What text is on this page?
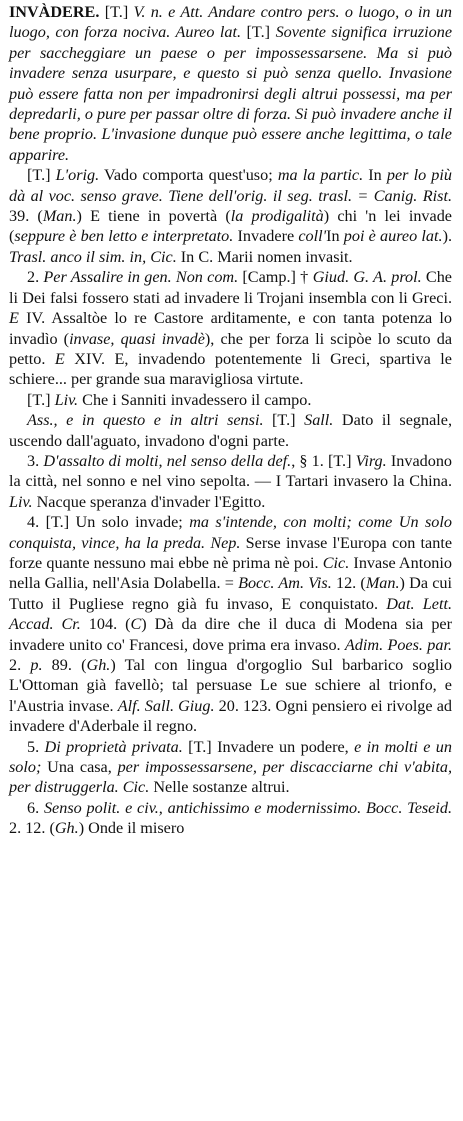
INVÀDERE. [T.] V. n. e Att. Andare contro pers. o luogo, o in un luogo, con forza nociva. Aureo lat. [T.] Sovente significa irruzione per saccheggiare un paese o per impossessarsene. Ma si può invadere senza usurpare, e questo si può senza quello. Invasione può essere fatta non per impadronirsi degli altrui possessi, ma per depredarli, o pure per passar oltre di forza. Si può invadere anche il bene proprio. L'invasione dunque può essere anche legittima, o tale apparire.

[T.] L'orig. Vado comporta quest'uso; ma la partic. In per lo più dà al voc. senso grave. Tiene dell'orig. il seg. trasl. = Canig. Rist. 39. (Man.) E tiene in povertà (la prodigalità) chi 'n lei invade (seppure è ben letto e interpretato. Invadere coll'In poi è aureo lat.). Trasl. anco il sim. in, Cic. In C. Marii nomen invasit.

2. Per Assalire in gen. Non com. [Camp.] † Giud. G. A. prol. Che li Dei falsi fossero stati ad invadere li Trojani insembla con li Greci. E IV. Assaltòe lo re Castore arditamente, e con tanta potenza lo invadìo (invase, quasi invadè), che per forza li scipòe lo scuto da petto. E XIV. E, invadendo potentemente li Greci, spartiva le schiere... per grande sua maravigliosa virtute.

[T.] Liv. Che i Sanniti invadessero il campo.

Ass., e in questo e in altri sensi. [T.] Sall. Dato il segnale, uscendo dall'aguato, invadono d'ogni parte.

3. D'assalto di molti, nel senso della def., § 1. [T.] Virg. Invadono la città, nel sonno e nel vino sepolta. — I Tartari invasero la China. Liv. Nacque speranza d'invader l'Egitto.

4. [T.] Un solo invade; ma s'intende, con molti; come Un solo conquista, vince, ha la preda. Nep. Serse invase l'Europa con tante forze quante nessuno mai ebbe nè prima nè poi. Cic. Invase Antonio nella Gallia, nell'Asia Dolabella. = Bocc. Am. Vis. 12. (Man.) Da cui Tutto il Pugliese regno già fu invaso, E conquistato. Dat. Lett. Accad. Cr. 104. (C) Dà da dire che il duca di Modena sia per invadere unito co' Francesi, dove prima era invaso. Adim. Poes. par. 2. p. 89. (Gh.) Tal con lingua d'orgoglio Sul barbarico soglio L'Ottoman già favellò; tal persuase Le sue schiere al trionfo, e l'Austria invase. Alf. Sall. Giug. 20. 123. Ogni pensiero ei rivolge ad invadere d'Aderbale il regno.

5. Di proprietà privata. [T.] Invadere un podere, e in molti e un solo; Una casa, per impossessarsene, per discacciarne chi v'abita, per distruggerla. Cic. Nelle sostanze altrui.

6. Senso polit. e civ., antichissimo e modernissimo. Bocc. Teseid. 2. 12. (Gh.) Onde il misero
